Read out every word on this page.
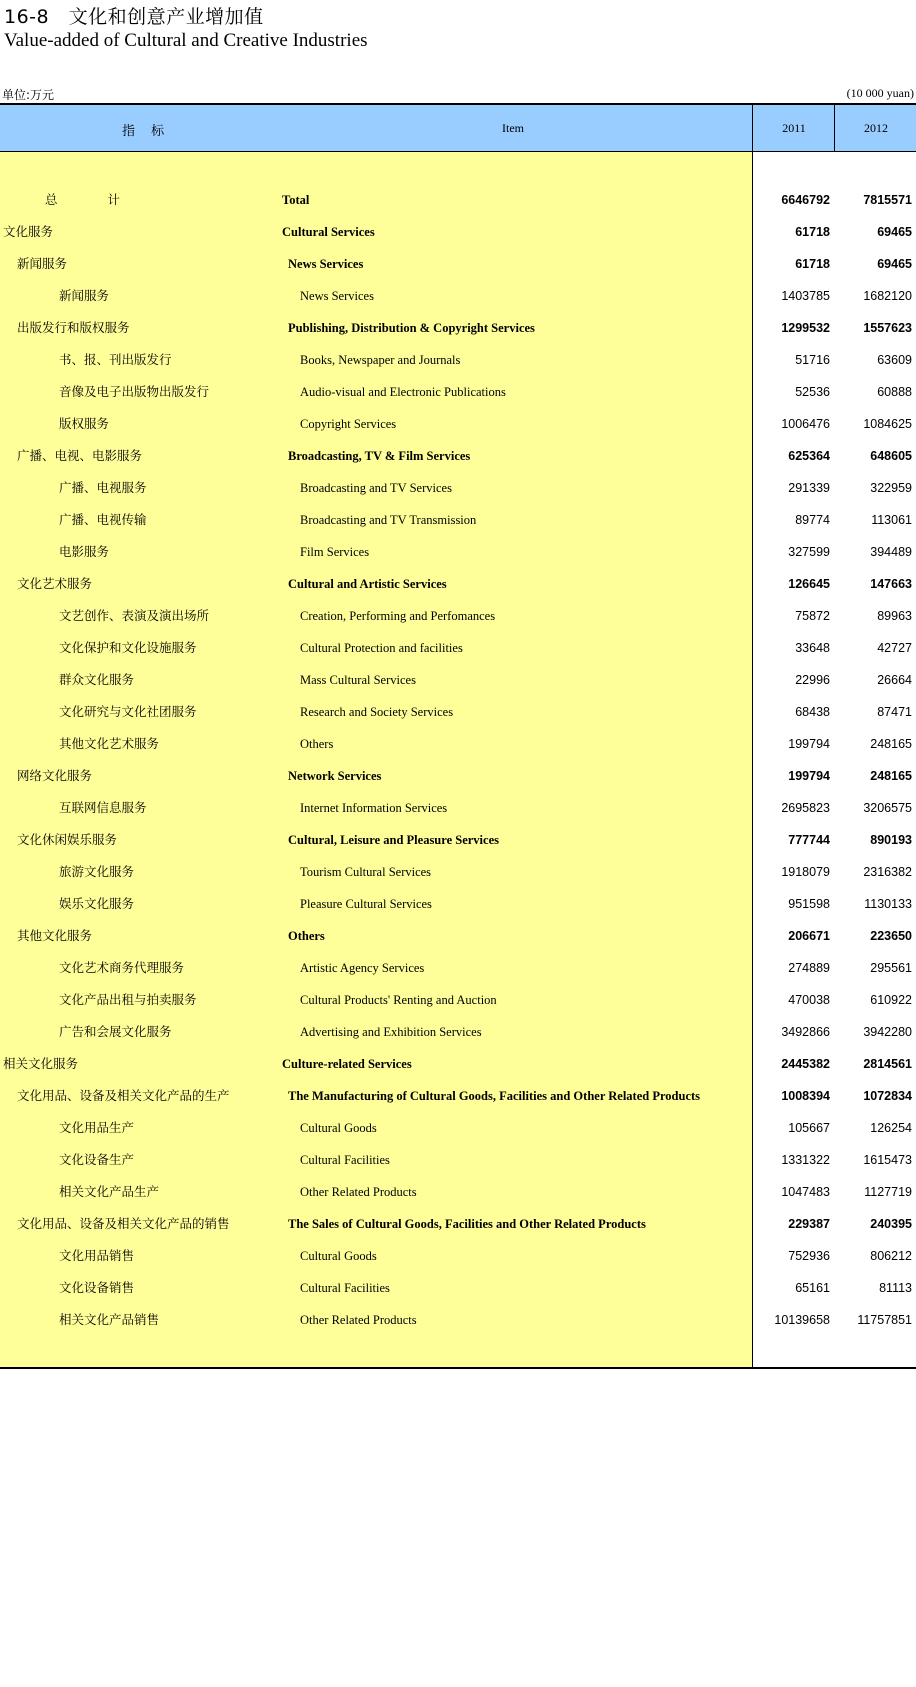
16-8　文化和创意产业增加值
Value-added of Cultural and Creative Industries
单位:万元	(10 000 yuan)
指 标	Item	2011	2012
总　　　　计	Total	6646792	7815571
文化服务	Cultural Services	61718	69465
新闻服务	News Services	61718	69465
新闻服务	News Services	1403785	1682120
出版发行和版权服务	Publishing, Distribution & Copyright Services	1299532	1557623
书、报、刊出版发行	Books, Newspaper and Journals	51716	63609
音像及电子出版物出版发行	Audio-visual and Electronic Publications	52536	60888
版权服务	Copyright Services	1006476	1084625
广播、电视、电影服务	Broadcasting, TV & Film Services	625364	648605
广播、电视服务	Broadcasting and TV Services	291339	322959
广播、电视传输	Broadcasting and TV Transmission	89774	113061
电影服务	Film Services	327599	394489
文化艺术服务	Cultural and Artistic Services	126645	147663
文艺创作、表演及演出场所	Creation, Performing and Perfomances	75872	89963
文化保护和文化设施服务	Cultural Protection and facilities	33648	42727
群众文化服务	Mass Cultural Services	22996	26664
文化研究与文化社团服务	Research and Society Services	68438	87471
其他文化艺术服务	Others	199794	248165
网络文化服务	Network Services	199794	248165
互联网信息服务	Internet Information Services	2695823	3206575
文化休闲娱乐服务	Cultural, Leisure and Pleasure Services	777744	890193
旅游文化服务	Tourism Cultural Services	1918079	2316382
娱乐文化服务	Pleasure Cultural Services	951598	1130133
其他文化服务	Others	206671	223650
文化艺术商务代理服务	Artistic Agency Services	274889	295561
文化产品出租与拍卖服务	Cultural Products' Renting and Auction	470038	610922
广告和会展文化服务	Advertising and Exhibition Services	3492866	3942280
相关文化服务	Culture-related Services	2445382	2814561
文化用品、设备及相关文化产品的生产	The Manufacturing of Cultural Goods, Facilities and Other Related Products	1008394	1072834
文化用品生产	Cultural Goods	105667	126254
文化设备生产	Cultural Facilities	1331322	1615473
相关文化产品生产	Other Related Products	1047483	1127719
文化用品、设备及相关文化产品的销售	The Sales of Cultural Goods, Facilities and Other Related Products	229387	240395
文化用品销售	Cultural Goods	752936	806212
文化设备销售	Cultural Facilities	65161	81113
相关文化产品销售	Other Related Products	10139658	11757851
